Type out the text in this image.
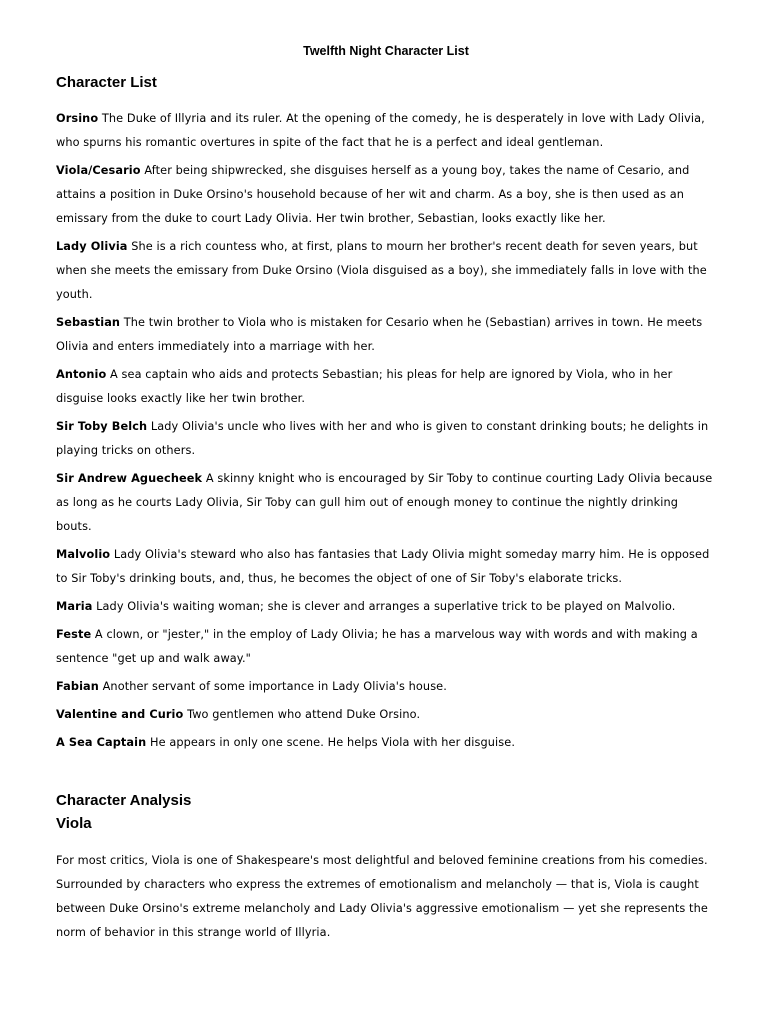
Twelfth Night Character List
Character List

Orsino The Duke of Illyria and its ruler. At the opening of the comedy, he is desperately in love with Lady Olivia, who spurns his romantic overtures in spite of the fact that he is a perfect and ideal gentleman.

Viola/Cesario After being shipwrecked, she disguises herself as a young boy, takes the name of Cesario, and attains a position in Duke Orsino's household because of her wit and charm. As a boy, she is then used as an emissary from the duke to court Lady Olivia. Her twin brother, Sebastian, looks exactly like her.

Lady Olivia She is a rich countess who, at first, plans to mourn her brother's recent death for seven years, but when she meets the emissary from Duke Orsino (Viola disguised as a boy), she immediately falls in love with the youth.

Sebastian The twin brother to Viola who is mistaken for Cesario when he (Sebastian) arrives in town. He meets Olivia and enters immediately into a marriage with her.

Antonio A sea captain who aids and protects Sebastian; his pleas for help are ignored by Viola, who in her disguise looks exactly like her twin brother.

Sir Toby Belch Lady Olivia's uncle who lives with her and who is given to constant drinking bouts; he delights in playing tricks on others.

Sir Andrew Aguecheek A skinny knight who is encouraged by Sir Toby to continue courting Lady Olivia because as long as he courts Lady Olivia, Sir Toby can gull him out of enough money to continue the nightly drinking bouts.

Malvolio Lady Olivia's steward who also has fantasies that Lady Olivia might someday marry him. He is opposed to Sir Toby's drinking bouts, and, thus, he becomes the object of one of Sir Toby's elaborate tricks.

Maria Lady Olivia's waiting woman; she is clever and arranges a superlative trick to be played on Malvolio.

Feste A clown, or "jester," in the employ of Lady Olivia; he has a marvelous way with words and with making a sentence "get up and walk away."

Fabian Another servant of some importance in Lady Olivia's house.

Valentine and Curio Two gentlemen who attend Duke Orsino.

A Sea Captain He appears in only one scene. He helps Viola with her disguise.

Character Analysis
Viola

For most critics, Viola is one of Shakespeare's most delightful and beloved feminine creations from his comedies. Surrounded by characters who express the extremes of emotionalism and melancholy — that is, Viola is caught between Duke Orsino's extreme melancholy and Lady Olivia's aggressive emotionalism — yet she represents the norm of behavior in this strange world of Illyria.
